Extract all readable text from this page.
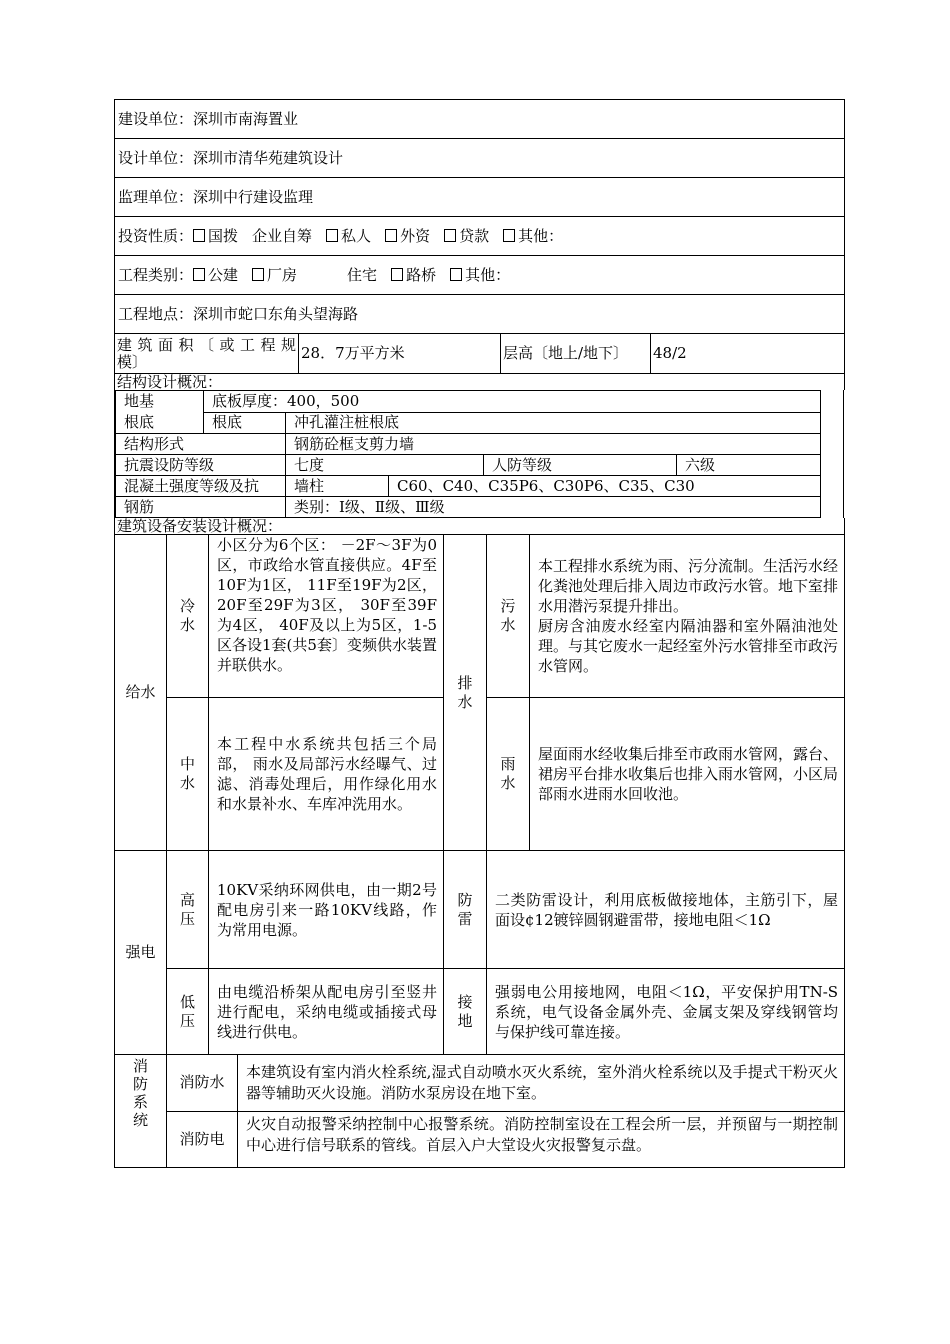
建设单位：深圳市南海置业
设计单位：深圳市清华苑建筑设计
监理单位：深圳中行建设监理
投资性质： 国拨 企业自筹 私人 外资 贷款 其他：
工程类别： 公建 厂房	住宅 路桥 其他：
工程地点：深圳市蛇口东角头望海路
建 筑 面 积 〔 或 工 程 规模〕	28．7万平方米	层高〔地上/地下〕	48/2
结构设计概况：
地基根底	底板厚度：400，500				
	根底	冲孔灌注桩根底			
结构形式		钢筋砼框支剪力墙			
抗震设防等级		七度		人防等级	六级
混凝土强度等级及抗		墙柱	C60、C40、C35P6、C30P6、C35、C30		
钢筋		类别：Ⅰ级、Ⅱ级、Ⅲ级			
建筑设备安装设计概况：					
给水	冷水	小区分为6个区： －2F～3F为0区，市政给水管直接供应。4F至10F为1区， 11F至19F为2区， 20F至29F为3区， 30F至39F为4区， 40F及以上为5区，1-5区各设1套(共5套〕变频供水装置并联供水。	排水	污水	本工程排水系统为雨、污分流制。生活污水经化粪池处理后排入周边市政污水管。地下室排水用潜污泵提升排出。
厨房含油废水经室内隔油器和室外隔油池处理。与其它废水一起经室外污水管排至市政污水管网。

	中水	本工程中水系统共包括三个局部， 雨水及局部污水经曝气、过滤、消毒处理后，用作绿化用水和水景补水、车库冲洗用水。		雨水	屋面雨水经收集后排至市政雨水管网，露台、裙房平台排水收集后也排入雨水管网，小区局部雨水进雨水回收池。
强电	高压	10KV采纳环网供电，由一期2号配电房引来一路10KV线路，作为常用电源。	防雷	二类防雷设计，利用底板做接地体，主筋引下，屋面设¢12镀锌圆钢避雷带，接地电阻＜1Ω	
	低压	由电缆沿桥架从配电房引至竖井进行配电，采纳电缆或插接式母线进行供电。	接地	强弱电公用接地网，电阻＜1Ω，平安保护用TN-S系统，电气设备金属外壳、金属支架及穿线钢管均与保护线可靠连接。	
消防系统	消防水	本建筑设有室内消火栓系统,湿式自动喷水灭火系统，室外消火栓系统以及手提式干粉灭火器等辅助灭火设施。消防水泵房设在地下室。
	消防电	火灾自动报警采纳控制中心报警系统。消防控制室设在工程会所一层，并预留与一期控制中心进行信号联系的管线。首层入户大堂设火灾报警复示盘。
